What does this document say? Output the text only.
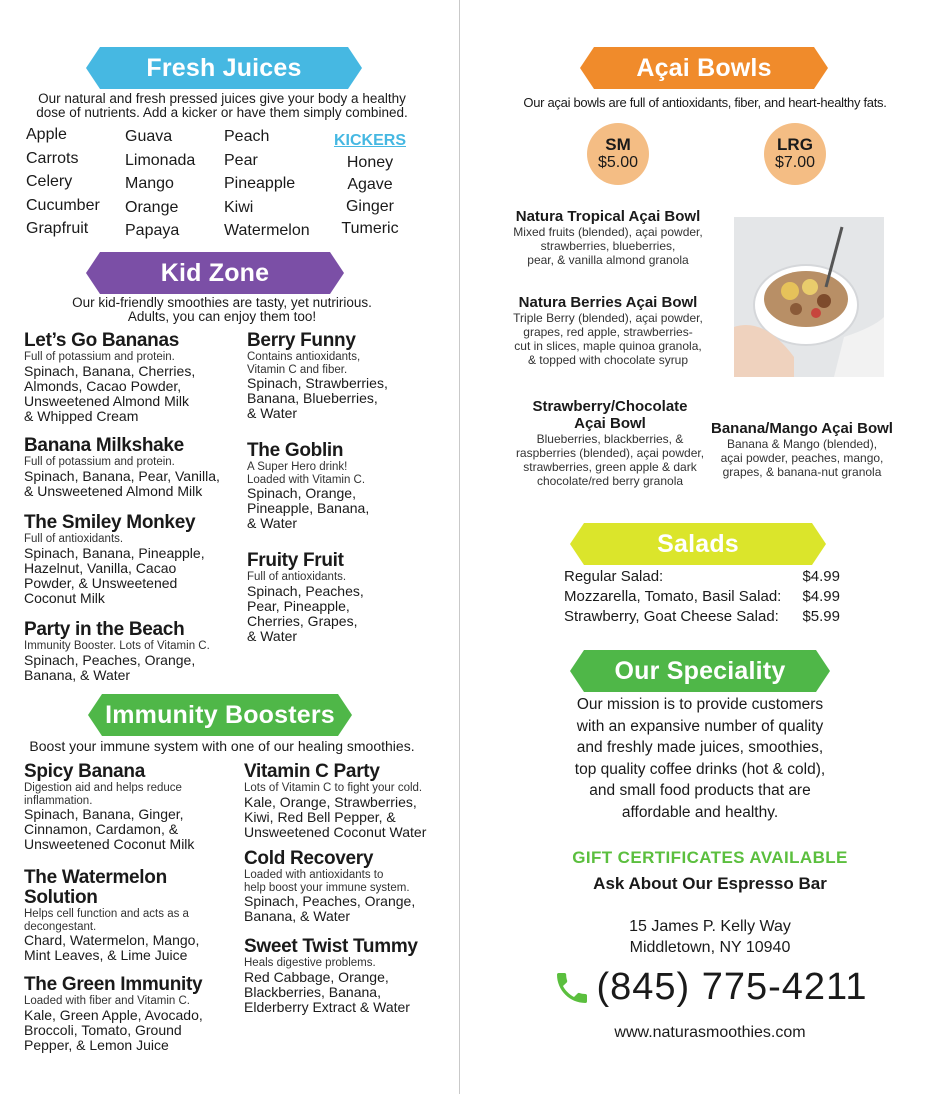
Fresh Juices
Our natural and fresh pressed juices give your body a healthy
dose of nutrients. Add a kicker or have them simply combined.
Apple
Carrots
Celery
Cucumber
Grapfruit
Guava
Limonada
Mango
Orange
Papaya
Peach
Pear
Pineapple
Kiwi
Watermelon
KICKERS
Honey
Agave
Ginger
Tumeric
Kid Zone
Our kid-friendly smoothies are tasty, yet nutririous.
Adults, you can enjoy them too!
Let’s Go Bananas
Full of potassium and protein.
Spinach, Banana, Cherries,
Almonds, Cacao Powder,
Unsweetened Almond Milk
& Whipped Cream
Banana Milkshake
Full of potassium and protein.
Spinach, Banana, Pear, Vanilla,
& Unsweetened Almond Milk
The Smiley Monkey
Full of antioxidants.
Spinach, Banana, Pineapple,
Hazelnut, Vanilla, Cacao
Powder, & Unsweetened
Coconut Milk
Party in the Beach
Immunity Booster. Lots of Vitamin C.
Spinach, Peaches, Orange,
Banana, & Water
Berry Funny
Contains antioxidants,
Vitamin C and fiber.
Spinach, Strawberries,
Banana, Blueberries,
& Water
The Goblin
A Super Hero drink!
Loaded with Vitamin C.
Spinach, Orange,
Pineapple, Banana,
& Water
Fruity Fruit
Full of antioxidants.
Spinach, Peaches,
Pear, Pineapple,
Cherries, Grapes,
& Water
Immunity Boosters
Boost your immune system with one of our healing smoothies.
Spicy Banana
Digestion aid and helps reduce
inflammation.
Spinach, Banana, Ginger,
Cinnamon, Cardamon, &
Unsweetened Coconut Milk
The Watermelon
Solution
Helps cell function and acts as a
decongestant.
Chard, Watermelon, Mango,
Mint Leaves, & Lime Juice
The Green Immunity
Loaded with fiber and Vitamin C.
Kale, Green Apple, Avocado,
Broccoli, Tomato, Ground
Pepper, & Lemon Juice
Vitamin C Party
Lots of Vitamin C to fight your cold.
Kale, Orange, Strawberries,
Kiwi, Red Bell Pepper, &
Unsweetened Coconut Water
Cold Recovery
Loaded with antioxidants to
help boost your immune system.
Spinach, Peaches, Orange,
Banana, & Water
Sweet Twist Tummy
Heals digestive problems.
Red Cabbage, Orange,
Blackberries, Banana,
Elderberry Extract & Water
Açai Bowls
Our açai bowls are full of antioxidants, fiber, and heart-healthy fats.
SM
$5.00
LRG
$7.00
Natura Tropical Açai Bowl
Mixed fruits (blended), açai powder,
strawberries, blueberries,
pear, & vanilla almond granola
Natura Berries Açai Bowl
Triple Berry (blended), açai powder,
grapes, red apple, strawberries-
cut in slices, maple quinoa granola,
& topped with chocolate syrup
Strawberry/Chocolate
Açai Bowl
Blueberries, blackberries, &
raspberries (blended), açai powder,
strawberries, green apple & dark
chocolate/red berry granola
Banana/Mango Açai Bowl
Banana & Mango (blended),
açai powder, peaches, mango,
grapes, & banana-nut granola
Salads
Regular Salad:	$4.99
Mozzarella, Tomato, Basil Salad: $4.99
Strawberry, Goat Cheese Salad: $5.99
Our Speciality
Our mission is to provide customers
with an expansive number of quality
and freshly made juices, smoothies,
top quality coffee drinks (hot & cold),
and small food products that are
affordable and healthy.
GIFT CERTIFICATES AVAILABLE
Ask About Our Espresso Bar
15 James P. Kelly Way
Middletown, NY 10940
(845) 775-4211
www.naturasmoothies.com
